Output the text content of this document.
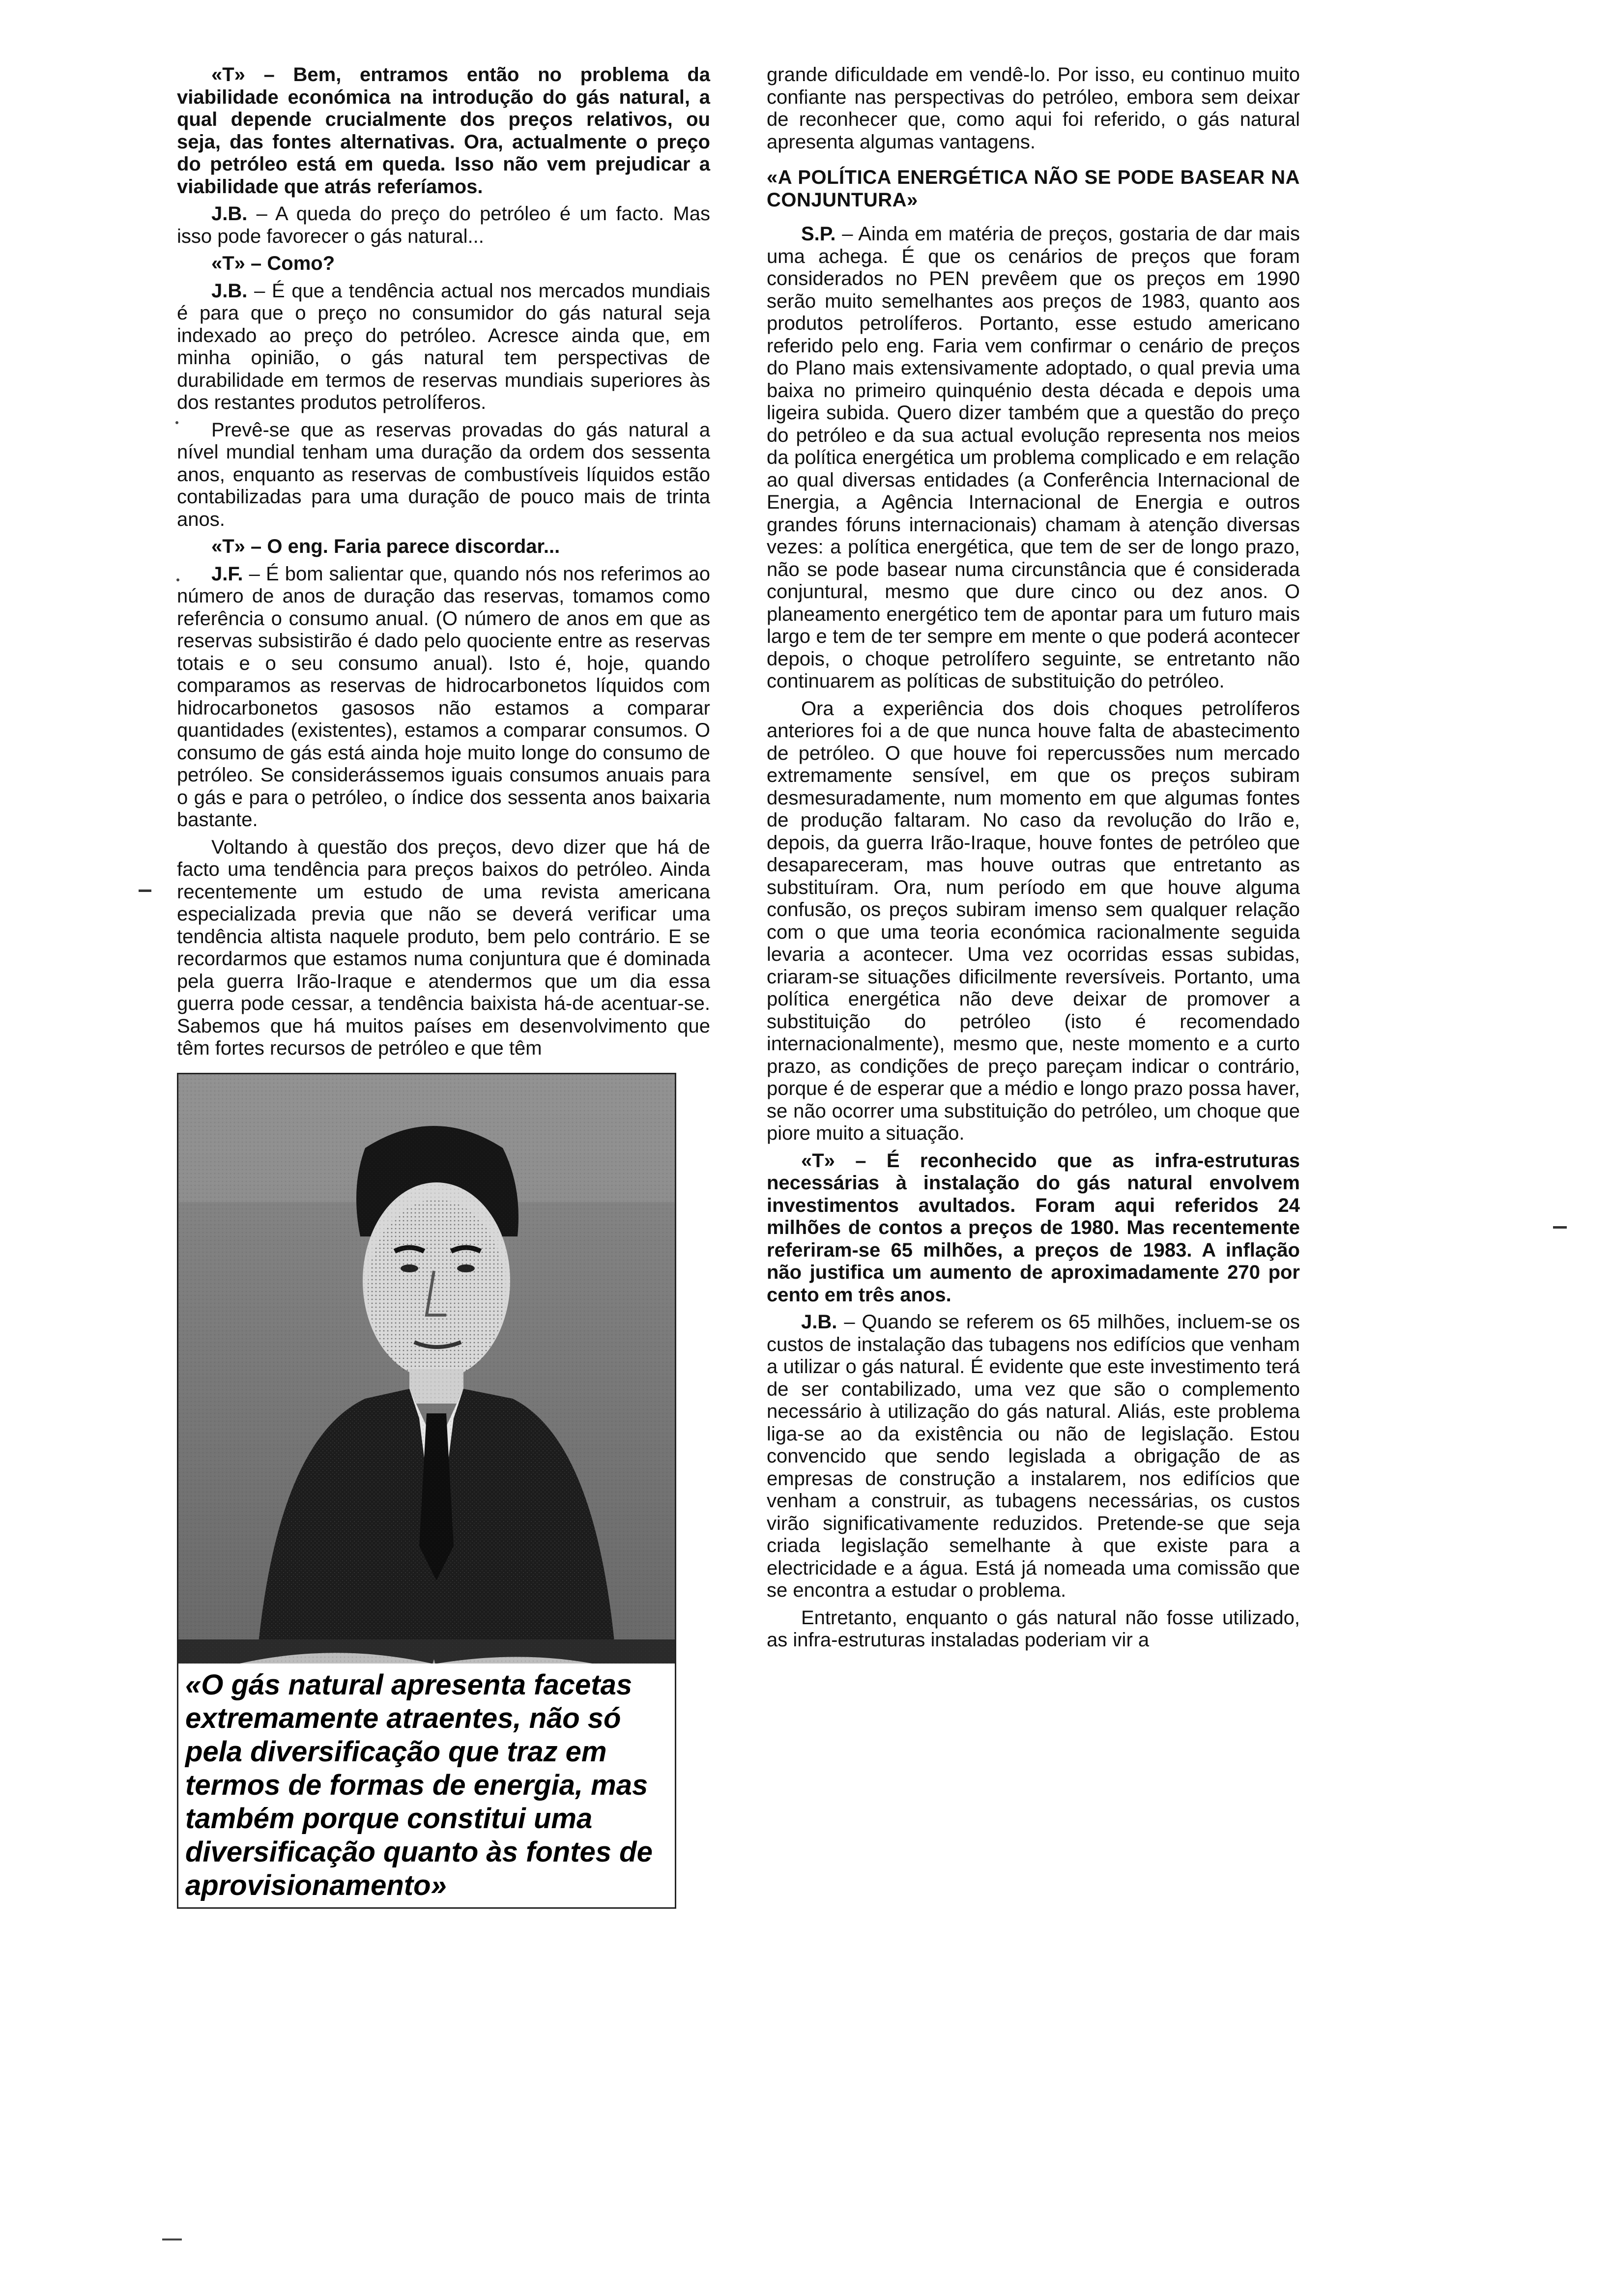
«T» – Bem, entramos então no problema da viabilidade económica na introdução do gás natural, a qual depende crucialmente dos preços relativos, ou seja, das fontes alternativas. Ora, actualmente o preço do petróleo está em queda. Isso não vem prejudicar a viabilidade que atrás referíamos.

J.B. – A queda do preço do petróleo é um facto. Mas isso pode favorecer o gás natural...

«T» – Como?

J.B. – É que a tendência actual nos mercados mundiais é para que o preço no consumidor do gás natural seja indexado ao preço do petróleo. Acresce ainda que, em minha opinião, o gás natural tem perspectivas de durabilidade em termos de reservas mundiais superiores às dos restantes produtos petrolíferos.

Prevê-se que as reservas provadas do gás natural a nível mundial tenham uma duração da ordem dos sessenta anos, enquanto as reservas de combustíveis líquidos estão contabilizadas para uma duração de pouco mais de trinta anos.

«T» – O eng. Faria parece discordar...

J.F. – É bom salientar que, quando nós nos referimos ao número de anos de duração das reservas, tomamos como referência o consumo anual. (O número de anos em que as reservas subsistirão é dado pelo quociente entre as reservas totais e o seu consumo anual). Isto é, hoje, quando comparamos as reservas de hidrocarbonetos líquidos com hidrocarbonetos gasosos não estamos a comparar quantidades (existentes), estamos a comparar consumos. O consumo de gás está ainda hoje muito longe do consumo de petróleo. Se considerássemos iguais consumos anuais para o gás e para o petróleo, o índice dos sessenta anos baixaria bastante.

Voltando à questão dos preços, devo dizer que há de facto uma tendência para preços baixos do petróleo. Ainda recentemente um estudo de uma revista americana especializada previa que não se deverá verificar uma tendência altista naquele produto, bem pelo contrário. E se recordarmos que estamos numa conjuntura que é dominada pela guerra Irão-Iraque e atendermos que um dia essa guerra pode cessar, a tendência baixista há-de acentuar-se. Sabemos que há muitos países em desenvolvimento que têm fortes recursos de petróleo e que têm

«O gás natural apresenta facetas extremamente atraentes, não só pela diversificação que traz em termos de formas de energia, mas também porque constitui uma diversificação quanto às fontes de aprovisionamento»

grande dificuldade em vendê-lo. Por isso, eu continuo muito confiante nas perspectivas do petróleo, embora sem deixar de reconhecer que, como aqui foi referido, o gás natural apresenta algumas vantagens.

«A POLÍTICA ENERGÉTICA NÃO SE PODE BASEAR NA CONJUNTURA»

S.P. – Ainda em matéria de preços, gostaria de dar mais uma achega. É que os cenários de preços que foram considerados no PEN prevêem que os preços em 1990 serão muito semelhantes aos preços de 1983, quanto aos produtos petrolíferos. Portanto, esse estudo americano referido pelo eng. Faria vem confirmar o cenário de preços do Plano mais extensivamente adoptado, o qual previa uma baixa no primeiro quinquénio desta década e depois uma ligeira subida. Quero dizer também que a questão do preço do petróleo e da sua actual evolução representa nos meios da política energética um problema complicado e em relação ao qual diversas entidades (a Conferência Internacional de Energia, a Agência Internacional de Energia e outros grandes fóruns internacionais) chamam à atenção diversas vezes: a política energética, que tem de ser de longo prazo, não se pode basear numa circunstância que é considerada conjuntural, mesmo que dure cinco ou dez anos. O planeamento energético tem de apontar para um futuro mais largo e tem de ter sempre em mente o que poderá acontecer depois, o choque petrolífero seguinte, se entretanto não continuarem as políticas de substituição do petróleo.

Ora a experiência dos dois choques petrolíferos anteriores foi a de que nunca houve falta de abastecimento de petróleo. O que houve foi repercussões num mercado extremamente sensível, em que os preços subiram desmesuradamente, num momento em que algumas fontes de produção faltaram. No caso da revolução do Irão e, depois, da guerra Irão-Iraque, houve fontes de petróleo que desapareceram, mas houve outras que entretanto as substituíram. Ora, num período em que houve alguma confusão, os preços subiram imenso sem qualquer relação com o que uma teoria económica racionalmente seguida levaria a acontecer. Uma vez ocorridas essas subidas, criaram-se situações dificilmente reversíveis. Portanto, uma política energética não deve deixar de promover a substituição do petróleo (isto é recomendado internacionalmente), mesmo que, neste momento e a curto prazo, as condições de preço pareçam indicar o contrário, porque é de esperar que a médio e longo prazo possa haver, se não ocorrer uma substituição do petróleo, um choque que piore muito a situação.

«T» – É reconhecido que as infra-estruturas necessárias à instalação do gás natural envolvem investimentos avultados. Foram aqui referidos 24 milhões de contos a preços de 1980. Mas recentemente referiram-se 65 milhões, a preços de 1983. A inflação não justifica um aumento de aproximadamente 270 por cento em três anos.

J.B. – Quando se referem os 65 milhões, incluem-se os custos de instalação das tubagens nos edifícios que venham a utilizar o gás natural. É evidente que este investimento terá de ser contabilizado, uma vez que são o complemento necessário à utilização do gás natural. Aliás, este problema liga-se ao da existência ou não de legislação. Estou convencido que sendo legislada a obrigação de as empresas de construção a instalarem, nos edifícios que venham a construir, as tubagens necessárias, os custos virão significativamente reduzidos. Pretende-se que seja criada legislação semelhante à que existe para a electricidade e a água. Está já nomeada uma comissão que se encontra a estudar o problema.

Entretanto, enquanto o gás natural não fosse utilizado, as infra-estruturas instaladas poderiam vir a
